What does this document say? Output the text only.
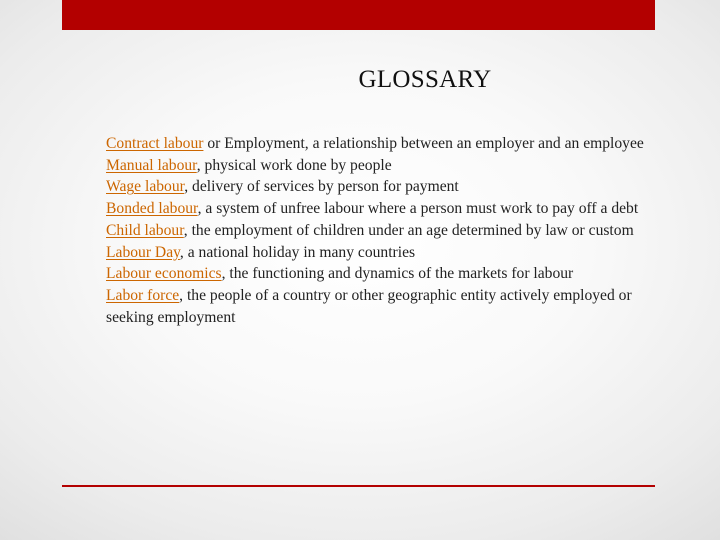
GLOSSARY

Contract labour or Employment, a relationship between an employer and an employee

Manual labour, physical work done by people

Wage labour, delivery of services by person for payment

Bonded labour, a system of unfree labour where a person must work to pay off a debt

Child labour, the employment of children under an age determined by law or custom

Labour Day, a national holiday in many countries

Labour economics, the functioning and dynamics of the markets for labour

Labor force, the people of a country or other geographic entity actively employed or seeking employment
